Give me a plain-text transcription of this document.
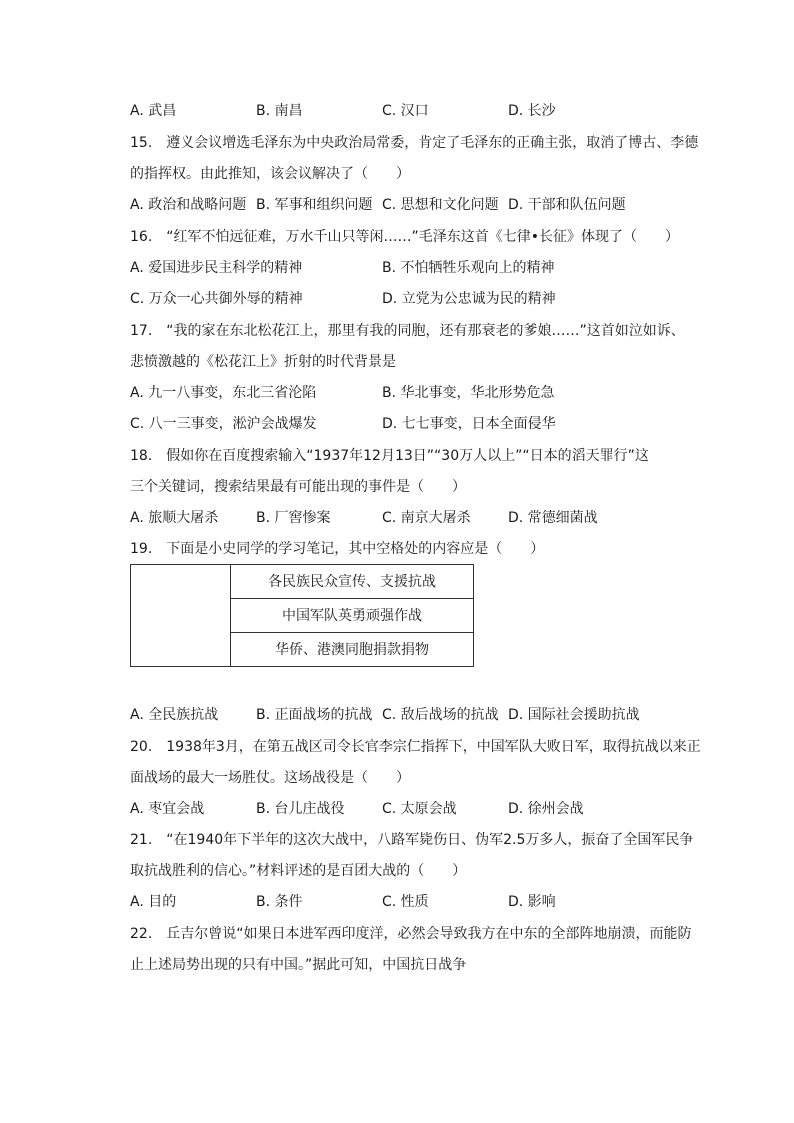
A. 武昌	B. 南昌	C. 汉口	D. 长沙
15.　遵义会议增选毛泽东为中央政治局常委，肯定了毛泽东的正确主张，取消了博古、李德
的指挥权。由此推知，该会议解决了（　　）
A. 政治和战略问题 B. 军事和组织问题 C. 思想和文化问题 D. 干部和队伍问题
16.　“红军不怕远征难，万水千山只等闲……”毛泽东这首《七律•长征》体现了（　　）
A. 爱国进步民主科学的精神	B. 不怕牺牲乐观向上的精神
C. 万众一心共御外辱的精神	D. 立党为公忠诚为民的精神
17.　“我的家在东北松花江上，那里有我的同胞，还有那衰老的爹娘……”这首如泣如诉、
悲愤激越的《松花江上》折射的时代背景是
A. 九一八事变，东北三省沦陷	B. 华北事变，华北形势危急
C. 八一三事变，淞沪会战爆发	D. 七七事变，日本全面侵华
18.　假如你在百度搜索输入“1937年12月13日”“30万人以上”“日本的滔天罪行”这
三个关键词，搜索结果最有可能出现的事件是（　　）
A. 旅顺大屠杀	B. 厂窖惨案	C. 南京大屠杀	D. 常德细菌战
19.　下面是小史同学的学习笔记，其中空格处的内容应是（　　）
	各民族民众宣传、支援抗战
中国军队英勇顽强作战
华侨、港澳同胞捐款捐物
A. 全民族抗战	B. 正面战场的抗战 C. 敌后战场的抗战 D. 国际社会援助抗战
20.　1938年3月，在第五战区司令长官李宗仁指挥下，中国军队大败日军，取得抗战以来正
面战场的最大一场胜仗。这场战役是（　　）
A. 枣宜会战	B. 台儿庄战役	C. 太原会战	D. 徐州会战
21.　“在1940年下半年的这次大战中，八路军毙伤日、伪军2.5万多人，振奋了全国军民争
取抗战胜利的信心。”材料评述的是百团大战的（　　）
A. 目的	B. 条件	C. 性质	D. 影响
22.　丘吉尔曾说“如果日本进军西印度洋，必然会导致我方在中东的全部阵地崩溃，而能防
止上述局势出现的只有中国。”据此可知，中国抗日战争
